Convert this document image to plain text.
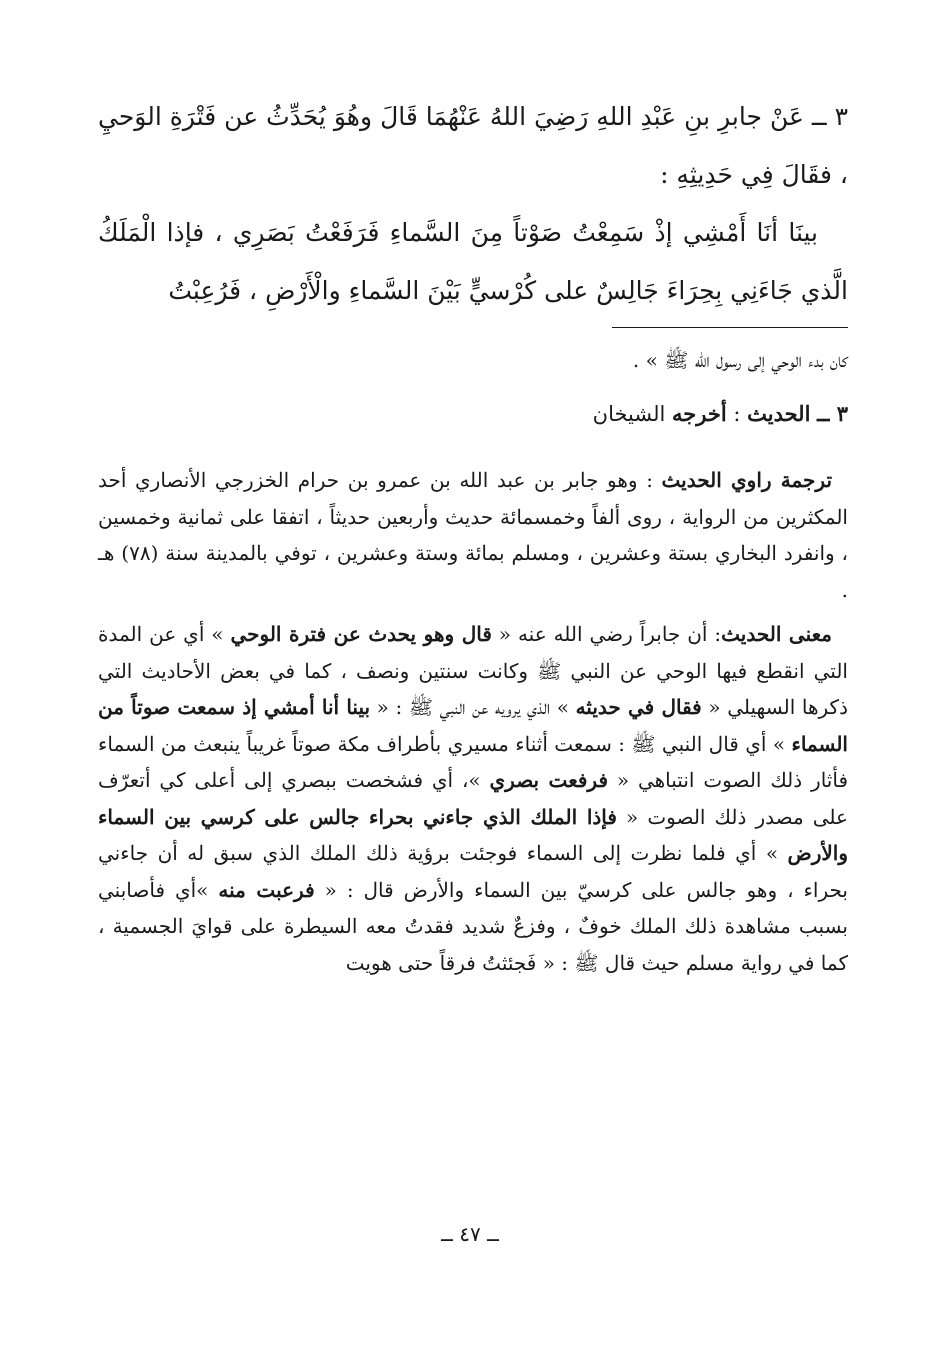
٣ ــ عَنْ جابرِ بنِ عَبْدِ اللهِ رَضِيَ اللهُ عَنْهُمَا قَالَ وهُوَ يُحَدِّثُ عن فَتْرَةِ الوَحيِ ، فقَالَ فِي حَدِيثِهِ :

بينَا أنَا أَمْشِي إذْ سَمِعْتُ صَوْتاً مِنَ السَّماءِ فَرَفَعْتُ بَصَرِي ، فإذا الْمَلَكُ الَّذي جَاءَنِي بِحِرَاءَ جَالِسٌ على كُرْسيٍّ بَيْنَ السَّماءِ والْأَرْضِ ، فَرُعِبْتُ

كان بدء الوحي إلى رسول الله ﷺ » .

٣ ــ الحديث : أخرجه الشيخان

ترجمة راوي الحديث : وهو جابر بن عبد الله بن عمرو بن حرام الخزرجي الأنصاري أحد المكثرين من الرواية ، روى ألفاً وخمسمائة حديث وأربعين حديثاً ، اتفقا على ثمانية وخمسين ، وانفرد البخاري بستة وعشرين ، ومسلم بمائة وستة وعشرين ، توفي بالمدينة سنة (٧٨) هـ .

معنى الحديث: أن جابراً رضي الله عنه « قال وهو يحدث عن فترة الوحي » أي عن المدة التي انقطع فيها الوحي عن النبي ﷺ وكانت سنتين ونصف ، كما في بعض الأحاديث التي ذكرها السهيلي « فقال في حديثه » الذي يرويه عن النبي ﷺ : « بينا أنا أمشي إذ سمعت صوتاً من السماء » أي قال النبي ﷺ : سمعت أثناء مسيري بأطراف مكة صوتاً غريباً ينبعث من السماء فأثار ذلك الصوت انتباهي « فرفعت بصري »، أي فشخصت ببصري إلى أعلى كي أتعرّف على مصدر ذلك الصوت « فإذا الملك الذي جاءني بحراء جالس على كرسي بين السماء والأرض » أي فلما نظرت إلى السماء فوجئت برؤية ذلك الملك الذي سبق له أن جاءني بحراء ، وهو جالس على كرسيّ بين السماء والأرض قال : « فرعبت منه »أي فأصابني بسبب مشاهدة ذلك الملك خوفٌ ، وفزعٌ شديد فقدتُ معه السيطرة على قوايَ الجسمية ، كما في رواية مسلم حيث قال ﷺ : « فَجئثتُ فرقاً حتى هويت

ــ ٤٧ ــ
